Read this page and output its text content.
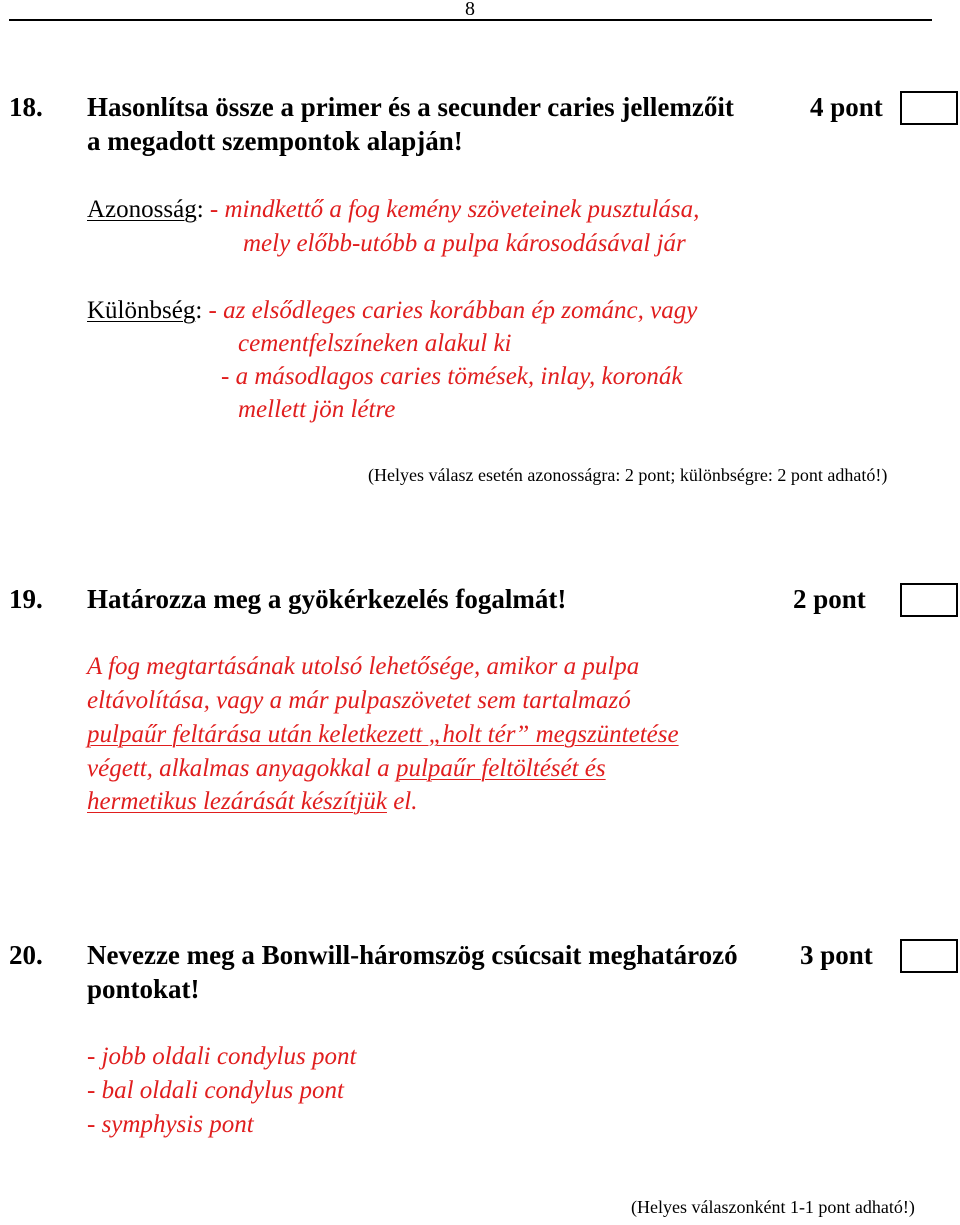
8
18. Hasonlítsa össze a primer és a secunder caries jellemzőit
a megadott szempontok alapján!
4 pont
Azonosság: - mindkettő a fog kemény szöveteinek pusztulása,
mely előbb-utóbb a pulpa károsodásával jár
Különbség: - az elsődleges caries korábban ép zománc, vagy
cementfelszíneken alakul ki
- a másodlagos caries tömések, inlay, koronák
mellett jön létre
(Helyes válasz esetén azonosságra: 2 pont; különbségre: 2 pont adható!)
19. Határozza meg a gyökérkezelés fogalmát!	2 pont
A fog megtartásának utolsó lehetősége, amikor a pulpa
eltávolítása, vagy a már pulpaszövetet sem tartalmazó
pulpaűr feltárása után keletkezett „holt tér” megszüntetése
végett, alkalmas anyagokkal a pulpaűr feltöltését és
hermetikus lezárását készítjük el.
20. Nevezze meg a Bonwill-háromszög csúcsait meghatározó
pontokat!
3 pont
- jobb oldali condylus pont
- bal oldali condylus pont
- symphysis pont
(Helyes válaszonként 1-1 pont adható!)
